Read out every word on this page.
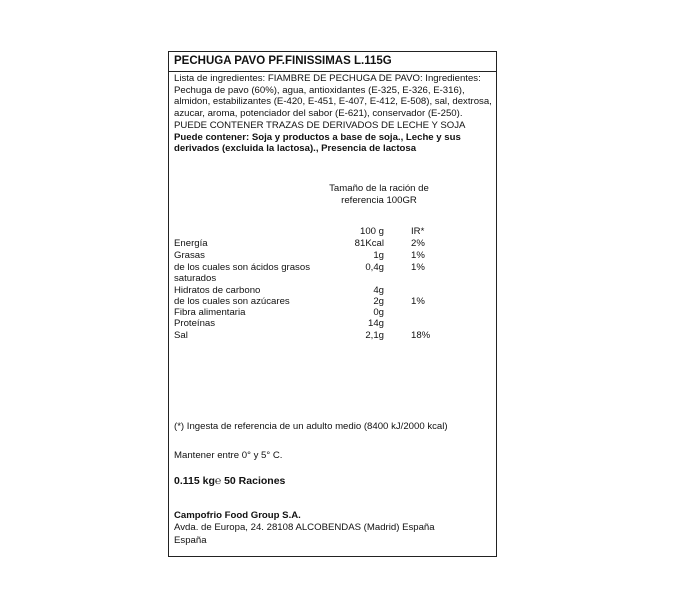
PECHUGA PAVO PF.FINISSIMAS L.115G
Lista de ingredientes: FIAMBRE DE PECHUGA DE PAVO: Ingredientes: Pechuga de pavo (60%), agua, antioxidantes (E-325, E-326, E-316), almidon, estabilizantes (E-420, E-451, E-407, E-412, E-508), sal, dextrosa, azucar, aroma, potenciador del sabor (E-621), conservador (E-250). PUEDE CONTENER TRAZAS DE DERIVADOS DE LECHE Y SOJA Puede contener: Soja y productos a base de soja., Leche y sus derivados (excluida la lactosa)., Presencia de lactosa
Tamaño de la ración de
referencia 100GR
100 g	IR*
Energía	81Kcal	2%
Grasas	1g	1%
de los cuales son ácidos grasos	0,4g	1%
saturados
Hidratos de carbono	4g
de los cuales son azúcares	2g	1%
Fibra alimentaria	0g
Proteínas	14g
Sal	2,1g	18%
(*) Ingesta de referencia de un adulto medio (8400 kJ/2000 kcal)
Mantener entre 0° y 5° C.
0.115 kg℮ 50 Raciones
Campofrio Food Group S.A.
Avda. de Europa, 24. 28108 ALCOBENDAS (Madrid) España
España
